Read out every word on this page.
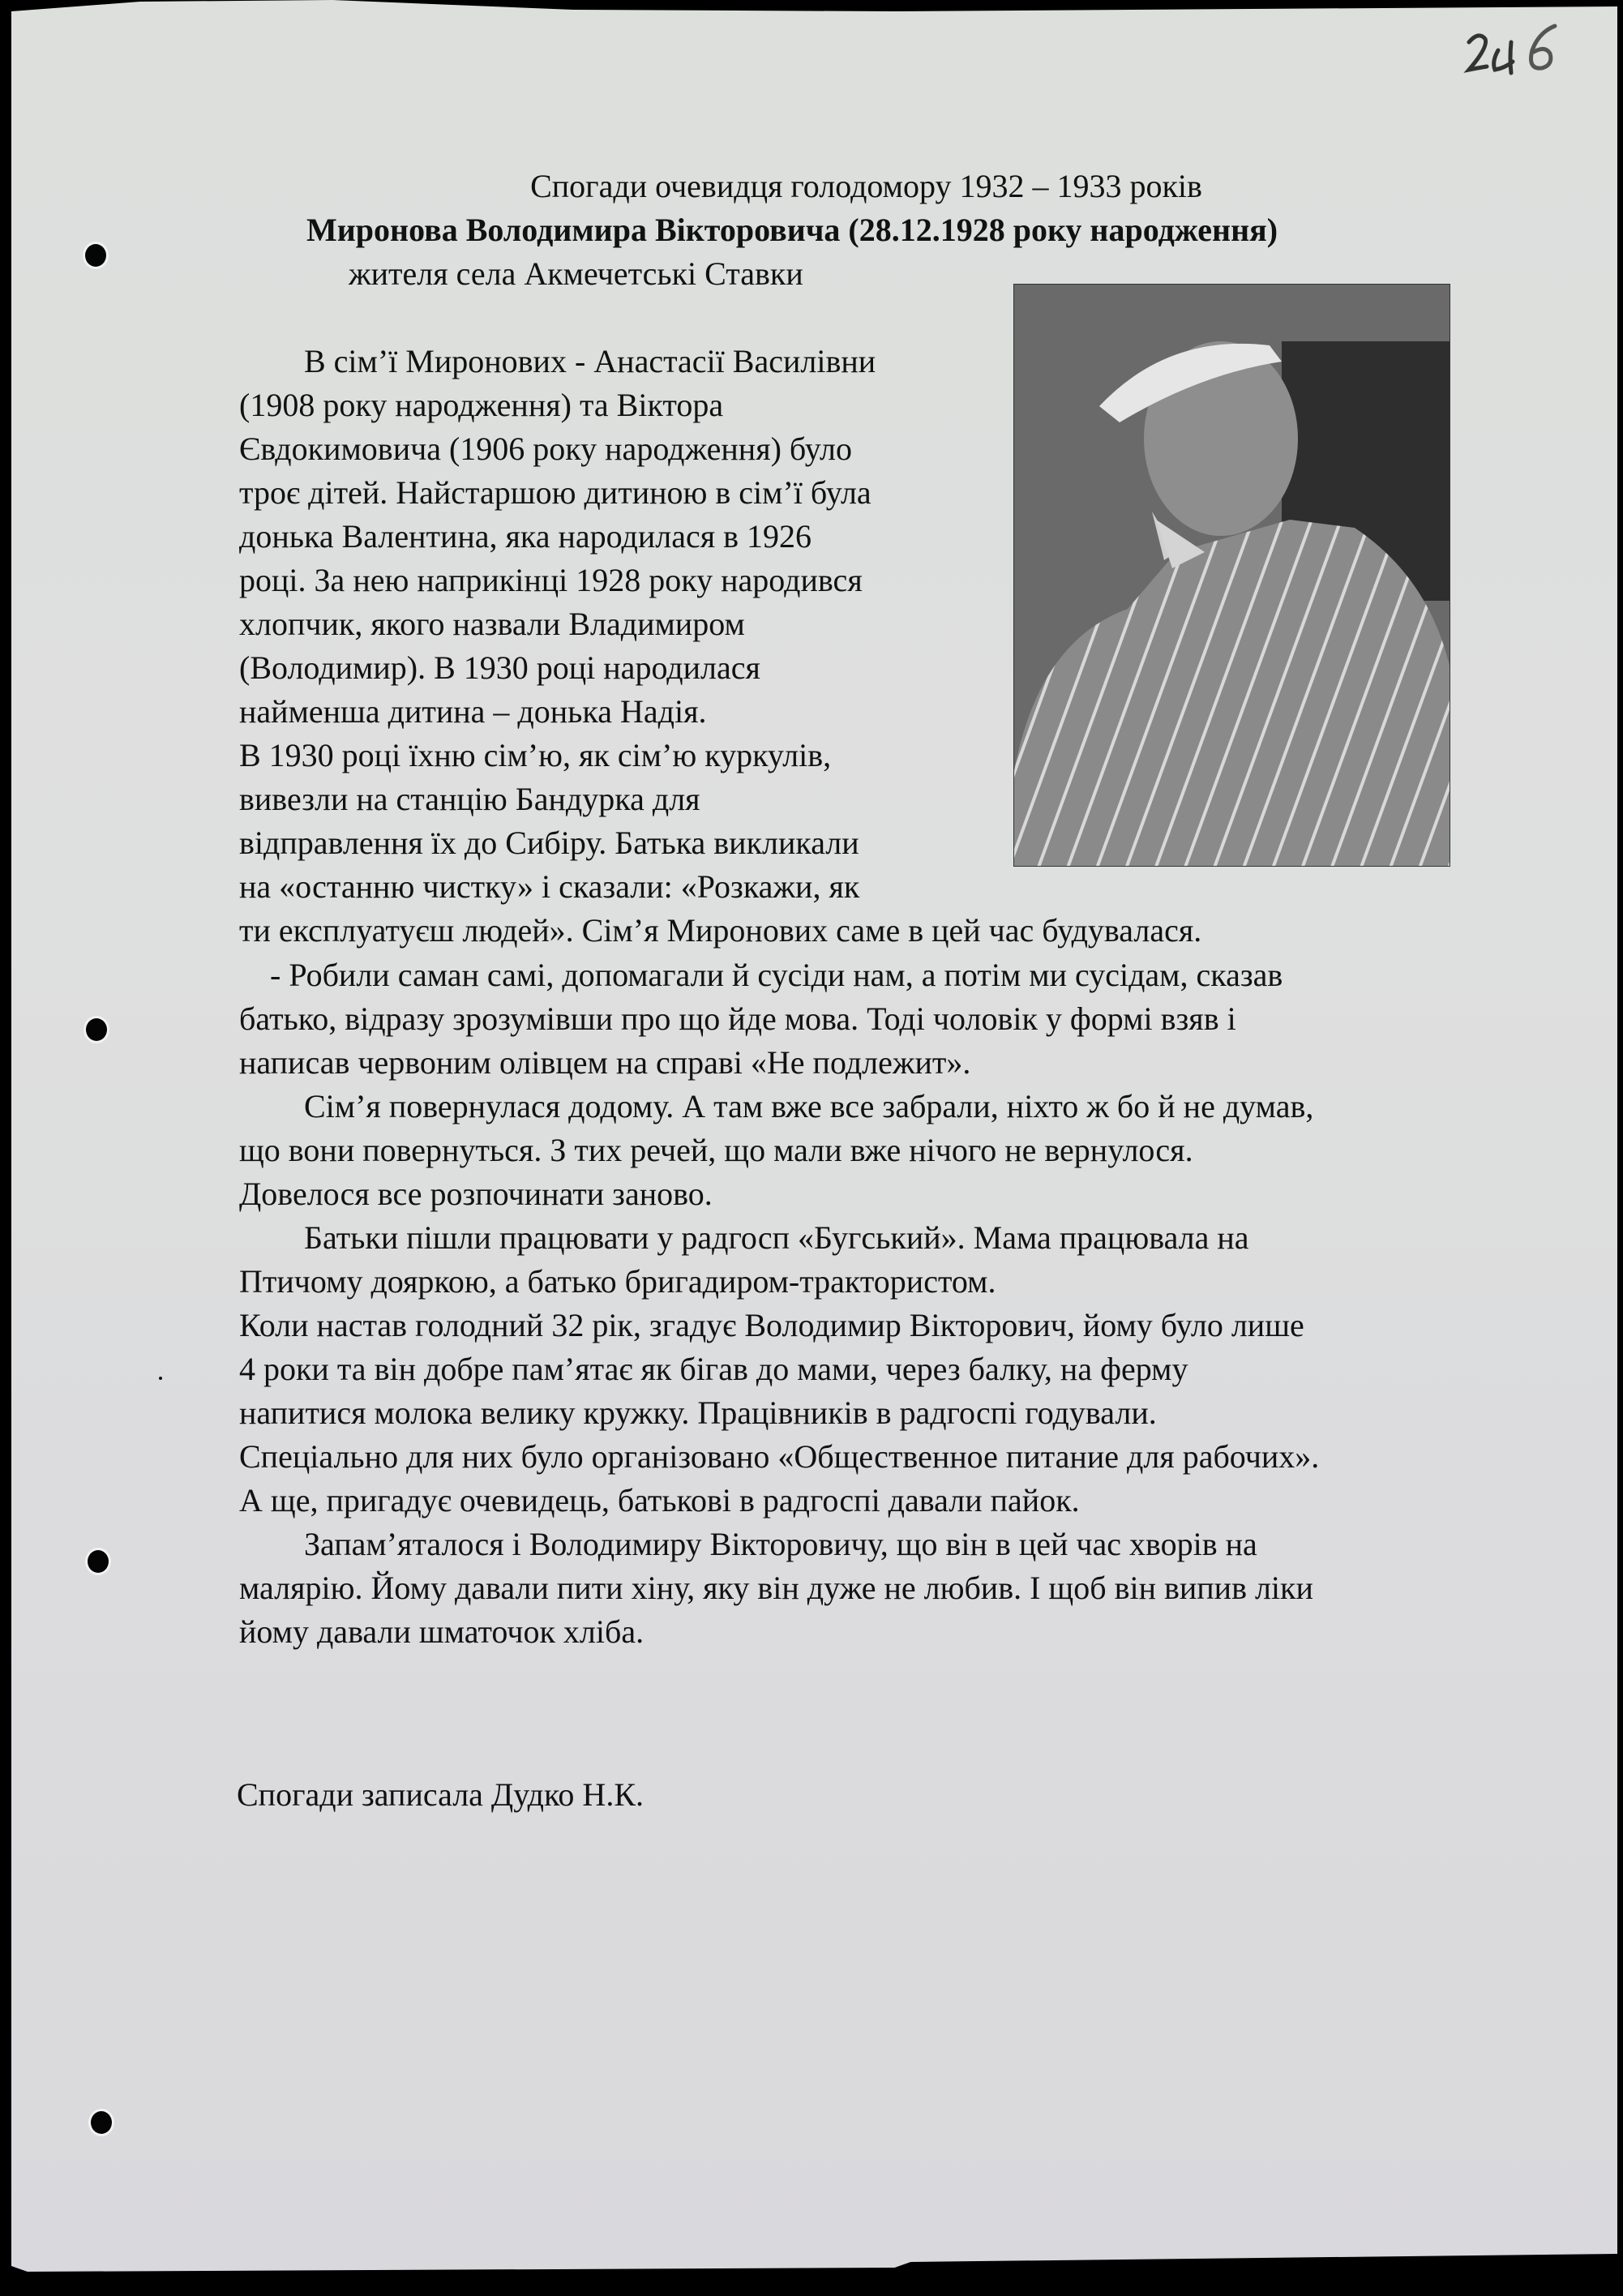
Спогади очевидця голодомору 1932 – 1933 років
Миронова Володимира Вікторовича (28.12.1928 року народження)
жителя села Акмечетські Ставки
В сім’ї Миронових - Анастасії Василівни
(1908 року народження) та Віктора
Євдокимовича (1906 року народження) було
троє дітей. Найстаршою дитиною в сім’ї була
донька Валентина, яка народилася в 1926
році. За нею наприкінці 1928 року народився
хлопчик, якого назвали Владимиром
(Володимир). В 1930 році народилася
найменша дитина – донька Надія.
В 1930 році їхню сім’ю, як сім’ю куркулів,
вивезли на станцію Бандурка для
відправлення їх до Сибіру. Батька викликали
на «останню чистку» і сказали: «Розкажи, як
ти експлуатуєш людей». Сім’я Миронових саме в цей час будувалася.
- Робили саман самі, допомагали й сусіди нам, а потім ми сусідам, сказав
батько, відразу зрозумівши про що йде мова. Тоді чоловік у формі взяв і
написав червоним олівцем на справі «Не подлежит».
Сім’я повернулася додому. А там вже все забрали, ніхто ж бо й не думав,
що вони повернуться. З тих речей, що мали вже нічого не вернулося.
Довелося все розпочинати заново.
Батьки пішли працювати у радгосп «Бугський». Мама працювала на
Птичому дояркою, а батько бригадиром-трактористом.
Коли настав голодний 32 рік, згадує Володимир Вікторович, йому було лише
4 роки та він добре пам’ятає як бігав до мами, через балку, на ферму
напитися молока велику кружку. Працівників в радгоспі годували.
Спеціально для них було організовано «Общественное питание для рабочих».
А ще, пригадує очевидець, батькові в радгоспі давали пайок.
Запам’яталося і Володимиру Вікторовичу, що він в цей час хворів на
малярію. Йому давали пити хіну, яку він дуже не любив. І щоб він випив ліки
йому давали шматочок хліба.
Спогади записала Дудко Н.К.
